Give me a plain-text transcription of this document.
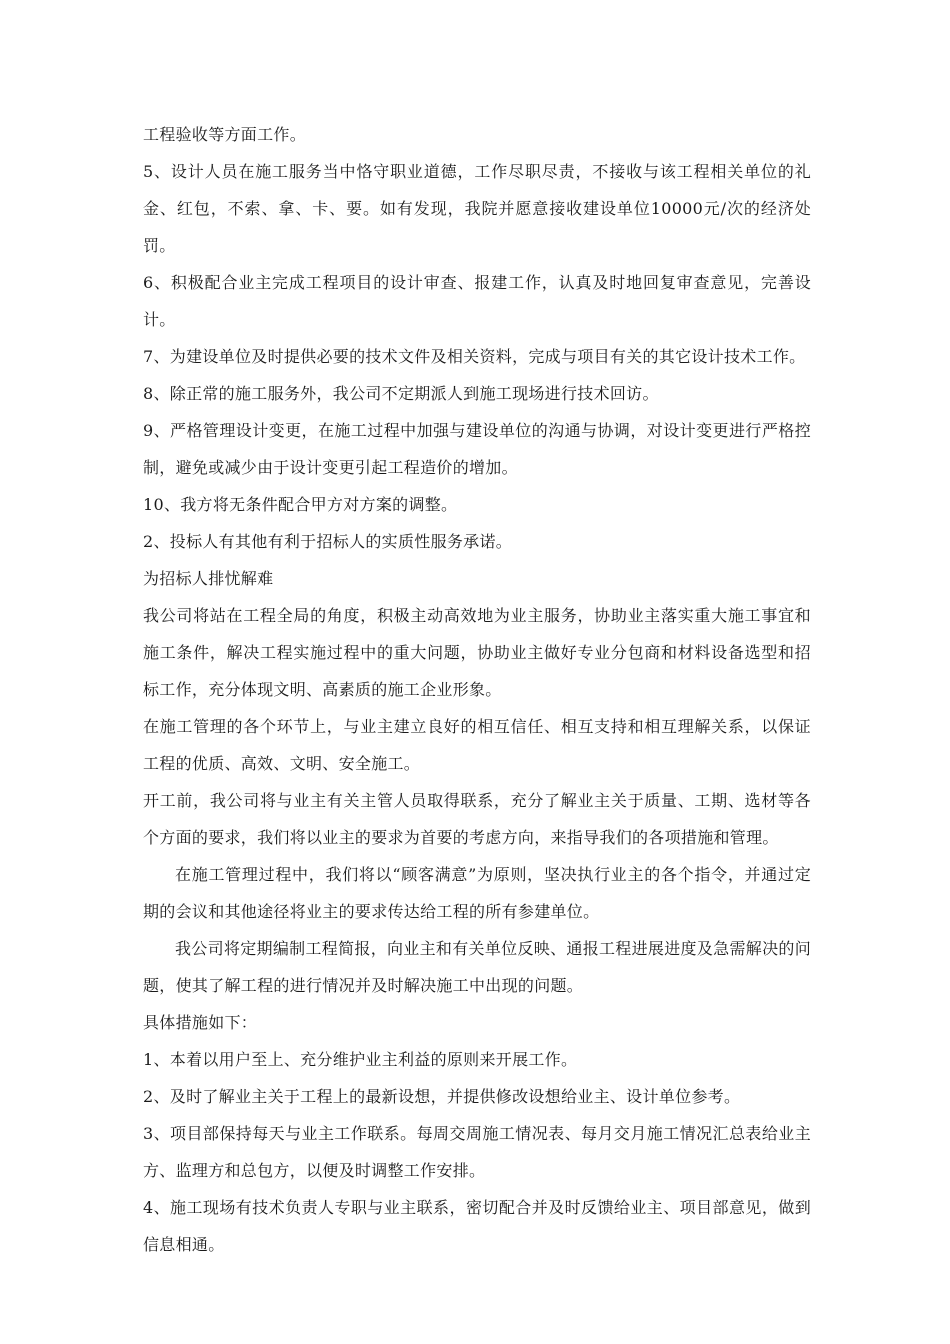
工程验收等方面工作。

5、设计人员在施工服务当中恪守职业道德，工作尽职尽责，不接收与该工程相关单位的礼金、红包，不索、拿、卡、要。如有发现，我院并愿意接收建设单位10000元/次的经济处罚。

6、积极配合业主完成工程项目的设计审查、报建工作，认真及时地回复审查意见，完善设计。

7、为建设单位及时提供必要的技术文件及相关资料，完成与项目有关的其它设计技术工作。

8、除正常的施工服务外，我公司不定期派人到施工现场进行技术回访。

9、严格管理设计变更，在施工过程中加强与建设单位的沟通与协调，对设计变更进行严格控制，避免或减少由于设计变更引起工程造价的增加。

10、我方将无条件配合甲方对方案的调整。

2、投标人有其他有利于招标人的实质性服务承诺。

为招标人排忧解难

我公司将站在工程全局的角度，积极主动高效地为业主服务，协助业主落实重大施工事宜和施工条件，解决工程实施过程中的重大问题，协助业主做好专业分包商和材料设备选型和招标工作，充分体现文明、高素质的施工企业形象。

在施工管理的各个环节上，与业主建立良好的相互信任、相互支持和相互理解关系，以保证工程的优质、高效、文明、安全施工。

开工前，我公司将与业主有关主管人员取得联系，充分了解业主关于质量、工期、选材等各个方面的要求，我们将以业主的要求为首要的考虑方向，来指导我们的各项措施和管理。

在施工管理过程中，我们将以“顾客满意”为原则，坚决执行业主的各个指令，并通过定期的会议和其他途径将业主的要求传达给工程的所有参建单位。

我公司将定期编制工程简报，向业主和有关单位反映、通报工程进展进度及急需解决的问题，使其了解工程的进行情况并及时解决施工中出现的问题。

具体措施如下：

1、本着以用户至上、充分维护业主利益的原则来开展工作。

2、及时了解业主关于工程上的最新设想，并提供修改设想给业主、设计单位参考。

3、项目部保持每天与业主工作联系。每周交周施工情况表、每月交月施工情况汇总表给业主方、监理方和总包方，以便及时调整工作安排。

4、施工现场有技术负责人专职与业主联系，密切配合并及时反馈给业主、项目部意见，做到信息相通。
